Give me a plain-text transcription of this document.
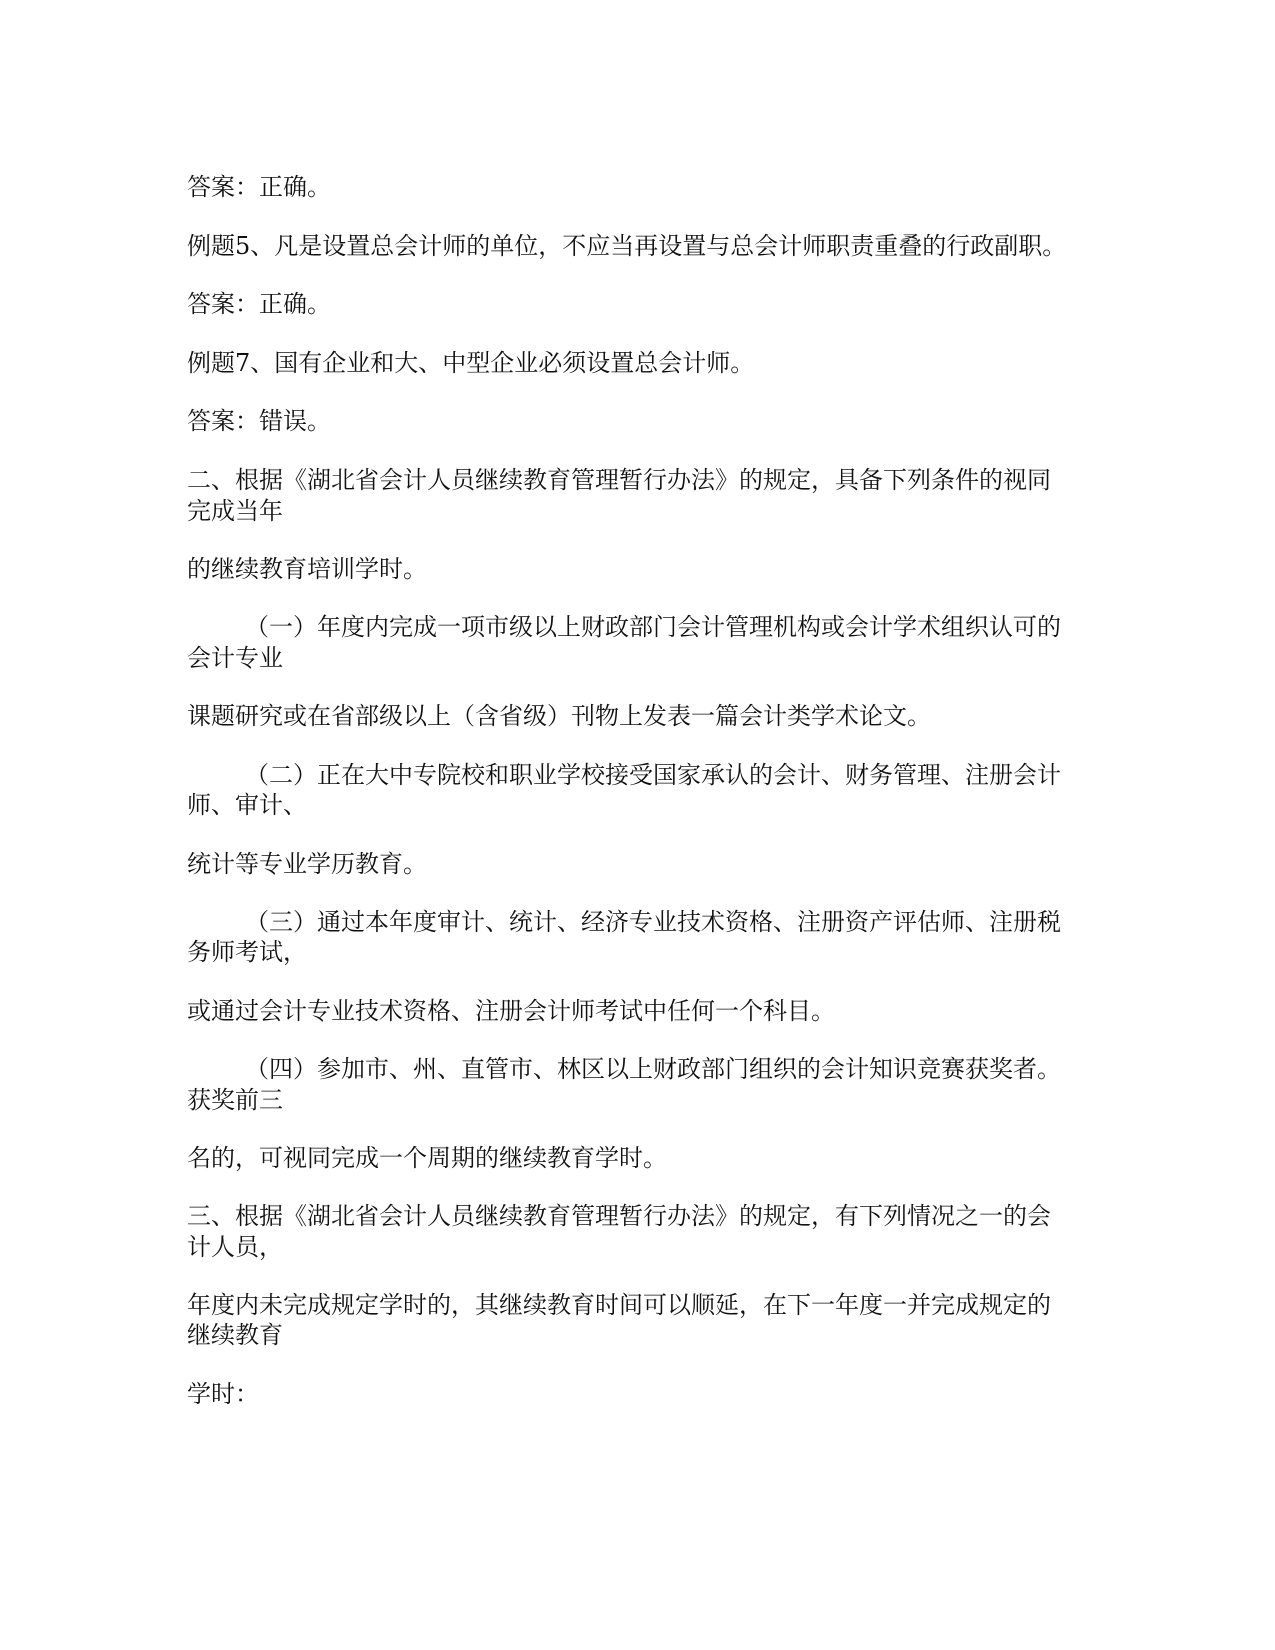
答案：正确。
例题5、凡是设置总会计师的单位，不应当再设置与总会计师职责重叠的行政副职。
答案：正确。
例题7、国有企业和大、中型企业必须设置总会计师。
答案：错误。
二、根据《湖北省会计人员继续教育管理暂行办法》的规定，具备下列条件的视同
完成当年
的继续教育培训学时。
（一）年度内完成一项市级以上财政部门会计管理机构或会计学术组织认可的
会计专业
课题研究或在省部级以上（含省级）刊物上发表一篇会计类学术论文。
（二）正在大中专院校和职业学校接受国家承认的会计、财务管理、注册会计
师、审计、
统计等专业学历教育。
（三）通过本年度审计、统计、经济专业技术资格、注册资产评估师、注册税
务师考试，
或通过会计专业技术资格、注册会计师考试中任何一个科目。
（四）参加市、州、直管市、林区以上财政部门组织的会计知识竞赛获奖者。
获奖前三
名的，可视同完成一个周期的继续教育学时。
三、根据《湖北省会计人员继续教育管理暂行办法》的规定，有下列情况之一的会
计人员，
年度内未完成规定学时的，其继续教育时间可以顺延，在下一年度一并完成规定的
继续教育
学时：
